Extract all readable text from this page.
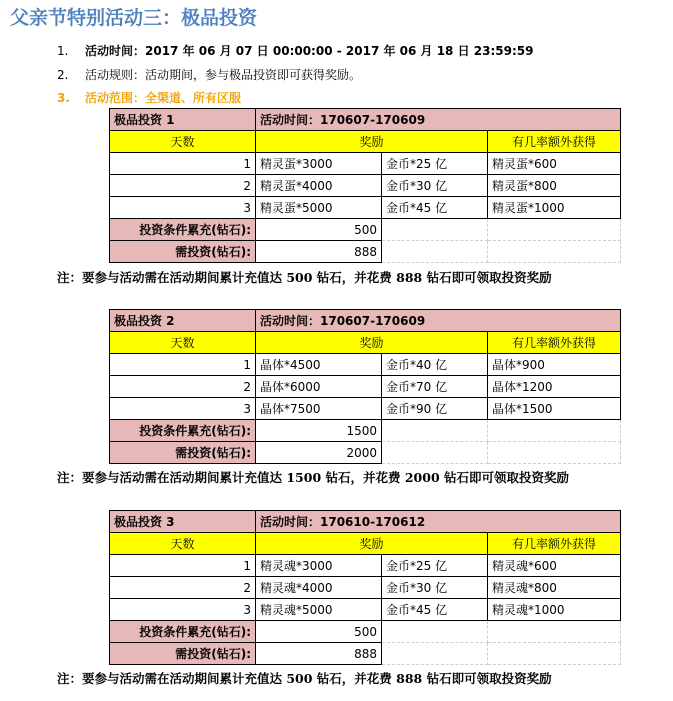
父亲节特别活动三：极品投资
1. 活动时间：2017 年 06 月 07 日 00:00:00 - 2017 年 06 月 18 日 23:59:59
2. 活动规则：活动期间，参与极品投资即可获得奖励。
3. 活动范围：全渠道、所有区服
极品投资 1	活动时间：170607-170609		
天数	奖励		有几率额外获得
1	精灵蛋*3000	金币*25 亿	精灵蛋*600
2	精灵蛋*4000	金币*30 亿	精灵蛋*800
3	精灵蛋*5000	金币*45 亿	精灵蛋*1000
投资条件累充(钻石):	500		
需投资(钻石):	888		
注：要参与活动需在活动期间累计充值达 500 钻石，并花费 888 钻石即可领取投资奖励
极品投资 2	活动时间：170607-170609		
天数	奖励		有几率额外获得
1	晶体*4500	金币*40 亿	晶体*900
2	晶体*6000	金币*70 亿	晶体*1200
3	晶体*7500	金币*90 亿	晶体*1500
投资条件累充(钻石):	1500		
需投资(钻石):	2000		
注：要参与活动需在活动期间累计充值达 1500 钻石，并花费 2000 钻石即可领取投资奖励
极品投资 3	活动时间：170610-170612		
天数	奖励		有几率额外获得
1	精灵魂*3000	金币*25 亿	精灵魂*600
2	精灵魂*4000	金币*30 亿	精灵魂*800
3	精灵魂*5000	金币*45 亿	精灵魂*1000
投资条件累充(钻石):	500		
需投资(钻石):	888		
注：要参与活动需在活动期间累计充值达 500 钻石，并花费 888 钻石即可领取投资奖励
